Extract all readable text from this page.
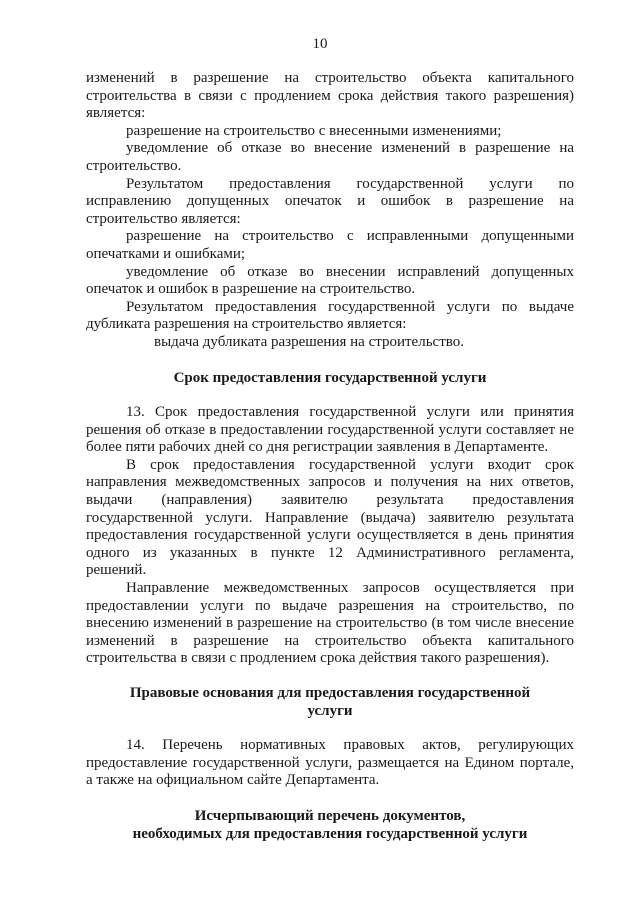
10
изменений в разрешение на строительство объекта капитального
строительства в связи с продлением срока действия такого разрешения)
является:
разрешение на строительство с внесенными изменениями;
уведомление об отказе во внесение изменений в разрешение на
строительство.
Результатом предоставления государственной услуги по
исправлению допущенных опечаток и ошибок в разрешение на
строительство является:
разрешение на строительство с исправленными допущенными
опечатками и ошибками;
уведомление об отказе во внесении исправлений допущенных
опечаток и ошибок в разрешение на строительство.
Результатом предоставления государственной услуги по выдаче
дубликата разрешения на строительство является:
выдача дубликата разрешения на строительство.
Срок предоставления государственной услуги
13. Срок предоставления государственной услуги или принятия
решения об отказе в предоставлении государственной услуги составляет не
более пяти рабочих дней со дня регистрации заявления в Департаменте.
В срок предоставления государственной услуги входит срок
направления межведомственных запросов и получения на них ответов,
выдачи (направления) заявителю результата предоставления
государственной услуги. Направление (выдача) заявителю результата
предоставления государственной услуги осуществляется в день принятия
одного из указанных в пункте 12 Административного регламента,
решений.
Направление межведомственных запросов осуществляется при
предоставлении услуги по выдаче разрешения на строительство, по
внесению изменений в разрешение на строительство (в том числе внесение
изменений в разрешение на строительство объекта капитального
строительства в связи с продлением срока действия такого разрешения).
Правовые основания для предоставления государственной
услуги
14. Перечень нормативных правовых актов, регулирующих
предоставление государственной услуги, размещается на Едином портале,
а также на официальном сайте Департамента.
Исчерпывающий перечень документов,
необходимых для предоставления государственной услуги
